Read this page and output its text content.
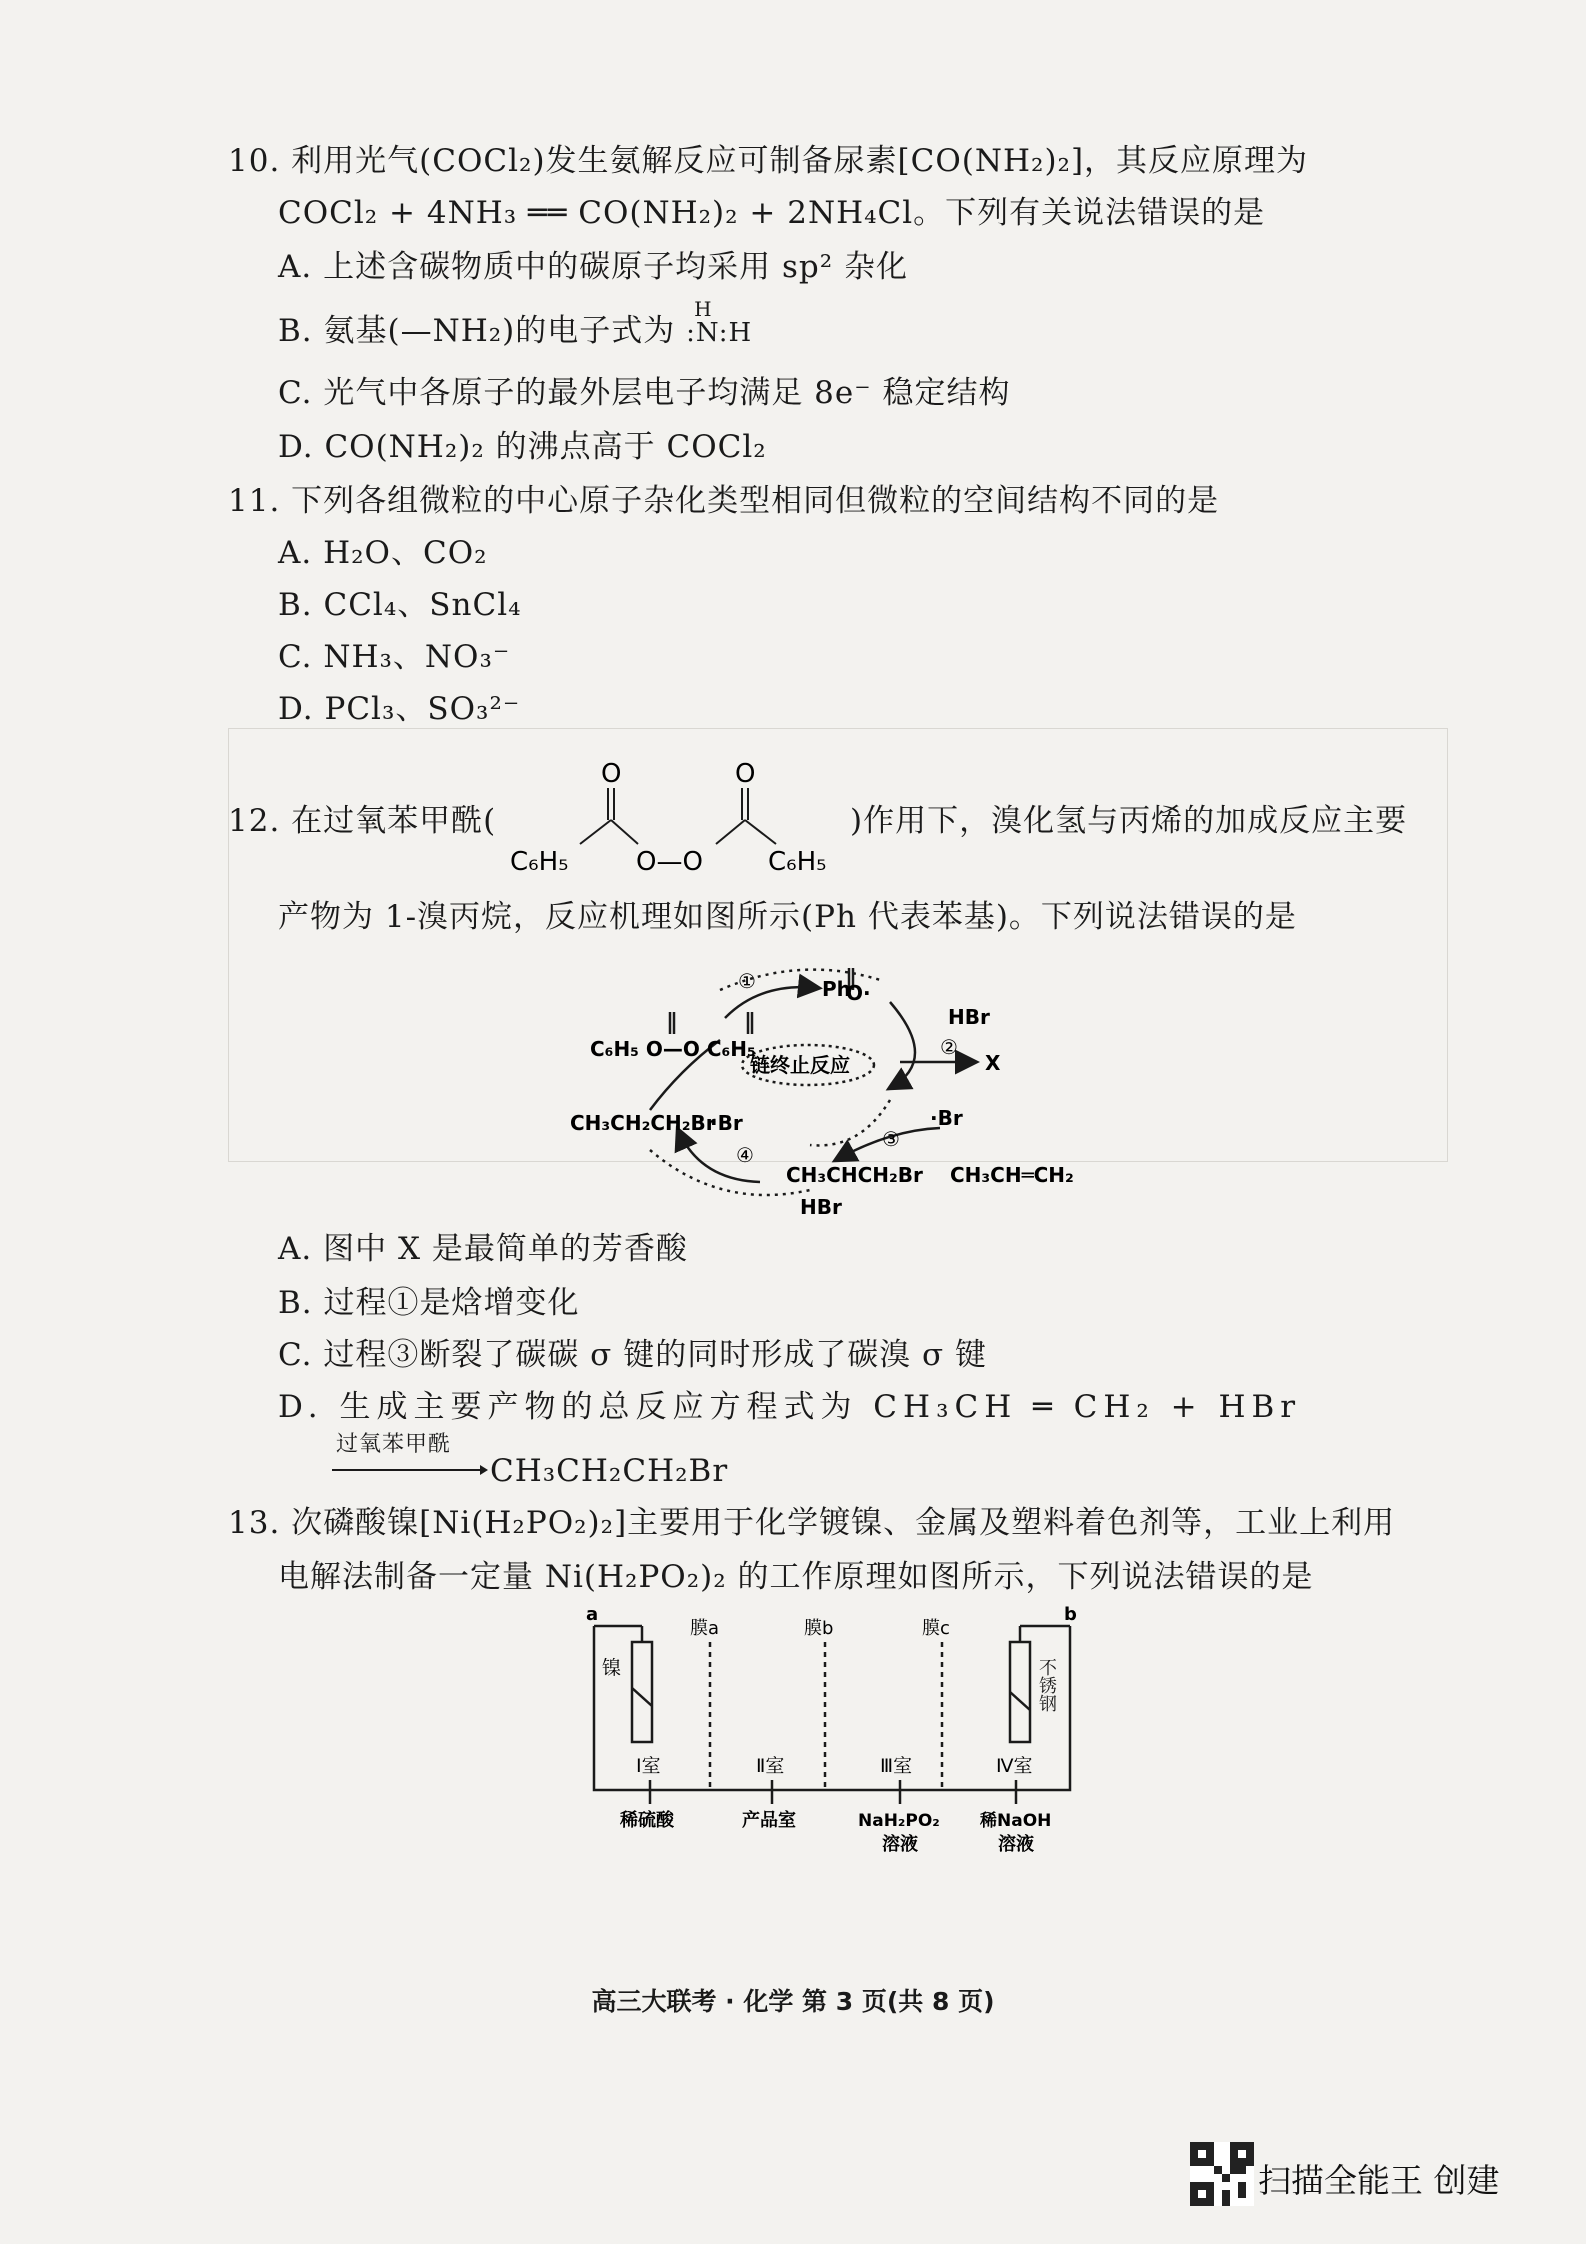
10. 利用光气(COCl₂)发生氨解反应可制备尿素[CO(NH₂)₂]，其反应原理为
COCl₂ + 4NH₃ ══ CO(NH₂)₂ + 2NH₄Cl。下列有关说法错误的是
A. 上述含碳物质中的碳原子均采用 sp² 杂化
B. 氨基(—NH₂)的电子式为
H
:N:H
C. 光气中各原子的最外层电子均满足 8e⁻ 稳定结构
D. CO(NH₂)₂ 的沸点高于 COCl₂
11. 下列各组微粒的中心原子杂化类型相同但微粒的空间结构不同的是
A. H₂O、CO₂
B. CCl₄、SnCl₄
C. NH₃、NO₃⁻
D. PCl₃、SO₃²⁻
12. 在过氧苯甲酰(
O	O
C₆H₅	O—O	C₆H₅
)作用下，溴化氢与丙烯的加成反应主要
产物为 1-溴丙烷，反应机理如图所示(Ph 代表苯基)。下列说法错误的是
Ph
O·
①
C₆H₅ O—O C₆H₅
HBr
②
X
链终止反应
·Br
③
CH₃CH═CH₂
CH₃CHCH₂Br
HBr
CH₃CH₂CH₂Br
·Br
④
A. 图中 X 是最简单的芳香酸
B. 过程①是焓增变化
C. 过程③断裂了碳碳 σ 键的同时形成了碳溴 σ 键
D. 生成主要产物的总反应方程式为 CH₃CH ═ CH₂ + HBr
过氧苯甲酰
CH₃CH₂CH₂Br
13. 次磷酸镍[Ni(H₂PO₂)₂]主要用于化学镀镍、金属及塑料着色剂等，工业上利用
电解法制备一定量 Ni(H₂PO₂)₂ 的工作原理如图所示，下列说法错误的是
a	b
膜a	膜b	膜c
镍	不锈钢
Ⅰ室	Ⅱ室	Ⅲ室	Ⅳ室
稀硫酸	产品室	NaH₂PO₂
溶液
稀NaOH
溶液
高三大联考 · 化学 第 3 页(共 8 页)
扫描全能王 创建
